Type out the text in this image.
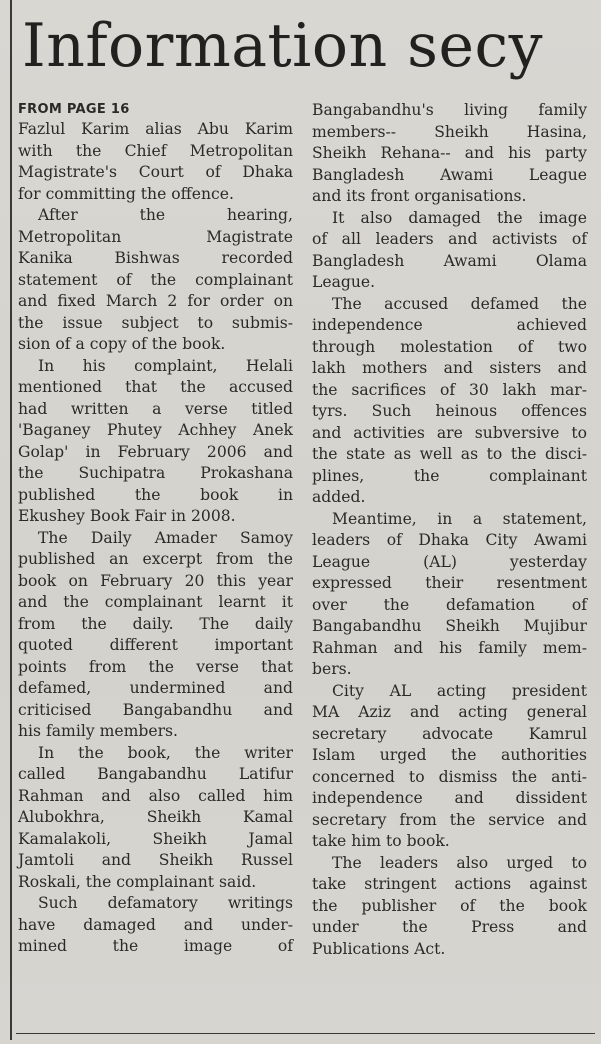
Information secy

FROM PAGE 16

Fazlul Karim alias Abu Karim
with the Chief Metropolitan
Magistrate's Court of Dhaka
for committing the offence.

After the hearing,
Metropolitan Magistrate
Kanika Bishwas recorded
statement of the complainant
and fixed March 2 for order on
the issue subject to submis-
sion of a copy of the book.

In his complaint, Helali
mentioned that the accused
had written a verse titled
'Baganey Phutey Achhey Anek
Golap' in February 2006 and
the Suchipatra Prokashana
published the book in
Ekushey Book Fair in 2008.

The Daily Amader Samoy
published an excerpt from the
book on February 20 this year
and the complainant learnt it
from the daily. The daily
quoted different important
points from the verse that
defamed, undermined and
criticised Bangabandhu and
his family members.

In the book, the writer
called Bangabandhu Latifur
Rahman and also called him
Alubokhra, Sheikh Kamal
Kamalakoli, Sheikh Jamal
Jamtoli and Sheikh Russel
Roskali, the complainant said.

Such defamatory writings
have damaged and under-
mined the image of

Bangabandhu's living family
members-- Sheikh Hasina,
Sheikh Rehana-- and his party
Bangladesh Awami League
and its front organisations.

It also damaged the image
of all leaders and activists of
Bangladesh Awami Olama
League.

The accused defamed the
independence achieved
through molestation of two
lakh mothers and sisters and
the sacrifices of 30 lakh mar-
tyrs. Such heinous offences
and activities are subversive to
the state as well as to the disci-
plines, the complainant
added.

Meantime, in a statement,
leaders of Dhaka City Awami
League (AL) yesterday
expressed their resentment
over the defamation of
Bangabandhu Sheikh Mujibur
Rahman and his family mem-
bers.

City AL acting president
MA Aziz and acting general
secretary advocate Kamrul
Islam urged the authorities
concerned to dismiss the anti-
independence and dissident
secretary from the service and
take him to book.

The leaders also urged to
take stringent actions against
the publisher of the book
under the Press and
Publications Act.
